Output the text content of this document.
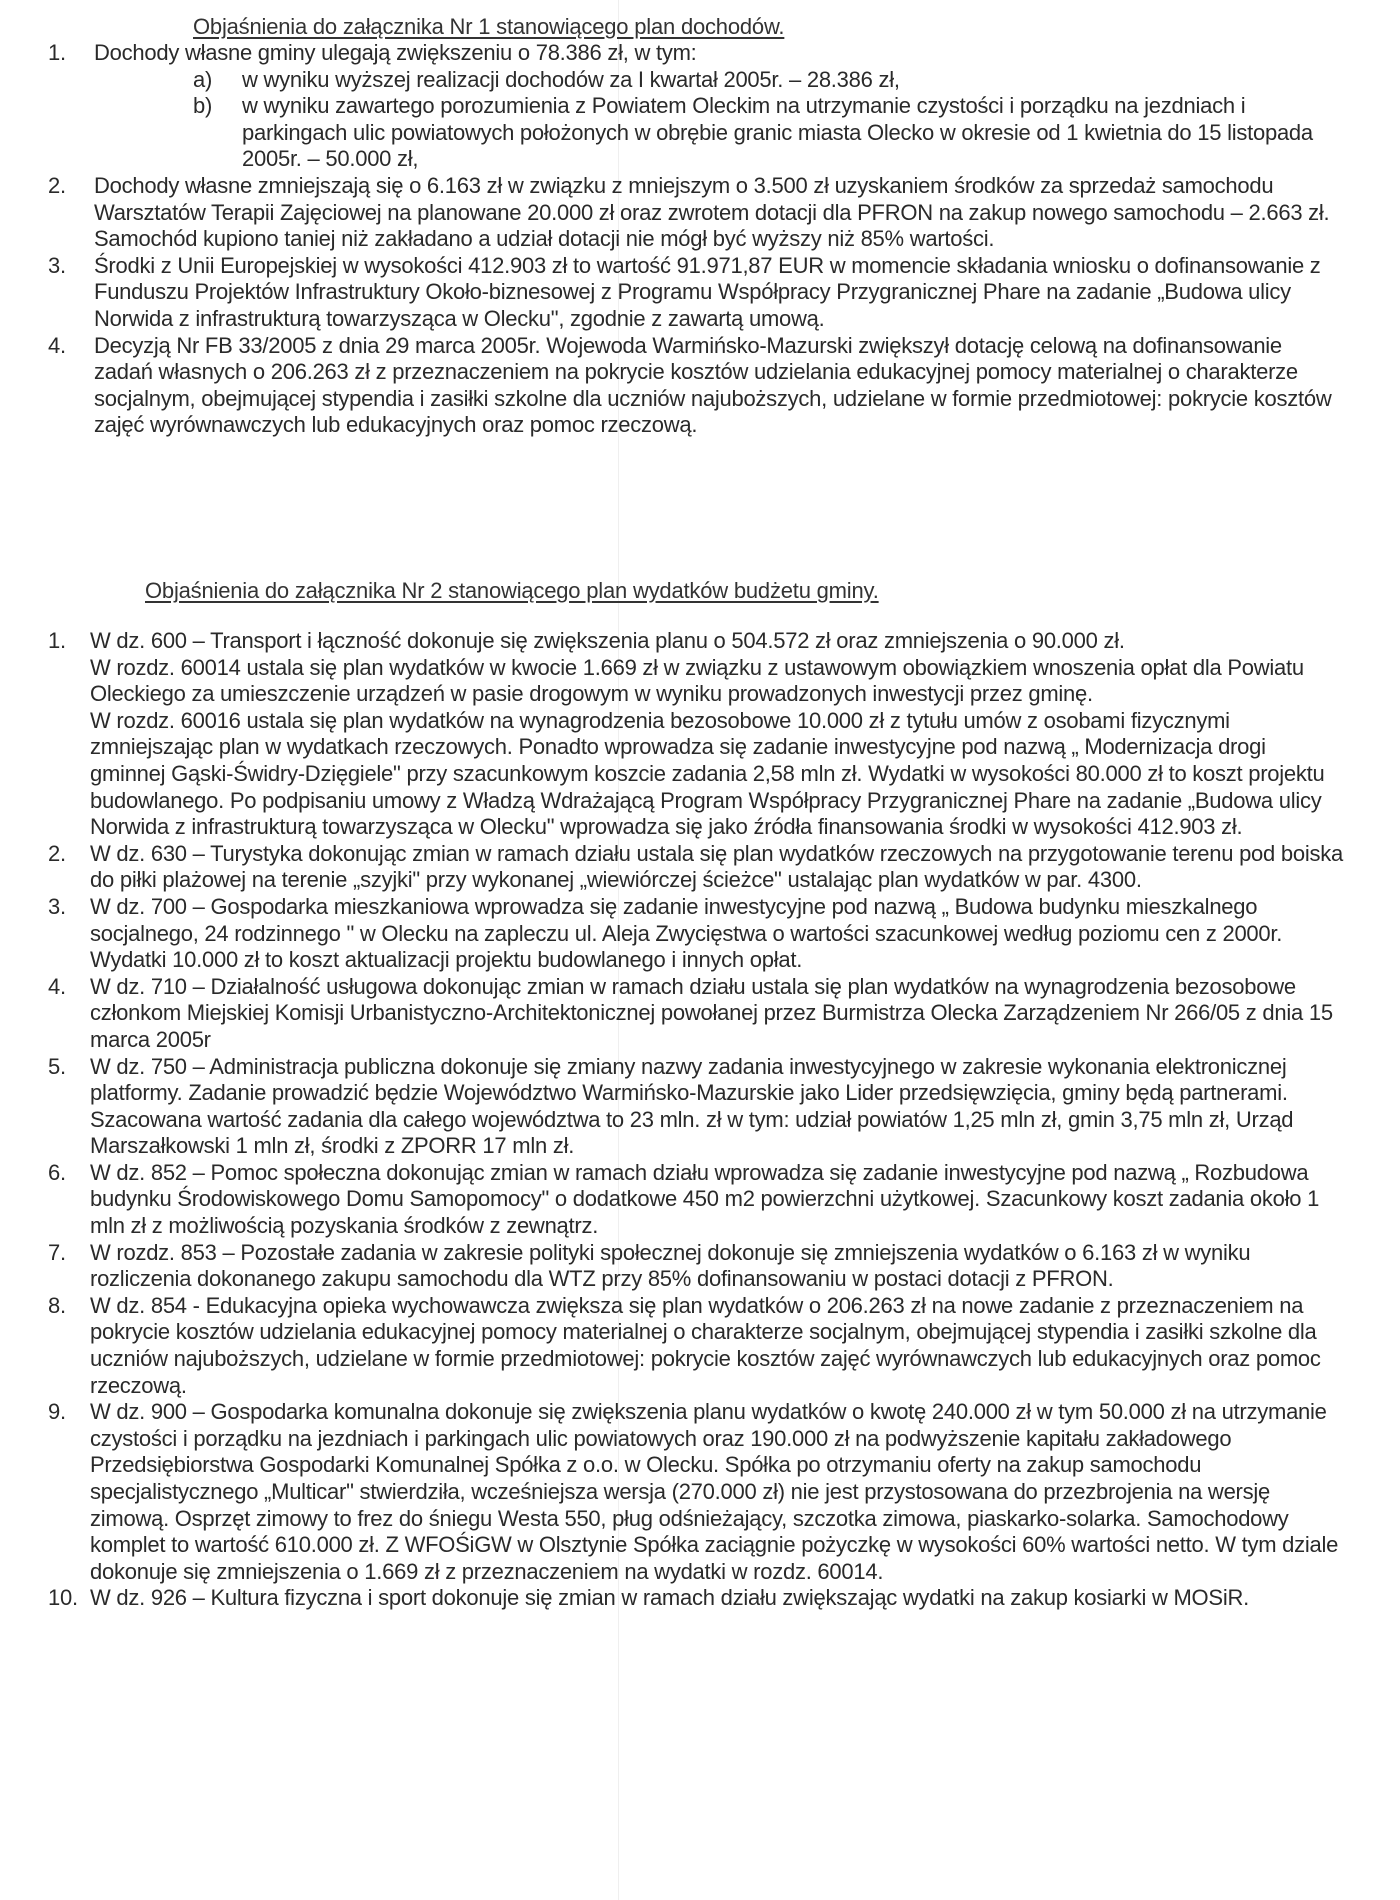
Objaśnienia do załącznika Nr 1 stanowiącego plan dochodów.
1. Dochody własne gminy ulegają zwiększeniu o 78.386 zł, w tym:
a) w wyniku wyższej realizacji dochodów za I kwartał 2005r. – 28.386 zł,
b) w wyniku zawartego porozumienia z Powiatem Oleckim na utrzymanie czystości i porządku na jezdniach i parkingach ulic powiatowych położonych w obrębie granic miasta Olecko w okresie od 1 kwietnia do 15 listopada 2005r. – 50.000 zł,
2. Dochody własne zmniejszają się o 6.163 zł w związku z mniejszym o 3.500 zł uzyskaniem środków za sprzedaż samochodu Warsztatów Terapii Zajęciowej na planowane 20.000 zł oraz zwrotem dotacji dla PFRON na zakup nowego samochodu – 2.663 zł. Samochód kupiono taniej niż zakładano a udział dotacji nie mógł być wyższy niż 85% wartości.
3. Środki z Unii Europejskiej w wysokości 412.903 zł to wartość 91.971,87 EUR w momencie składania wniosku o dofinansowanie z Funduszu Projektów Infrastruktury Około-biznesowej z Programu Współpracy Przygranicznej Phare na zadanie „Budowa ulicy Norwida z infrastrukturą towarzysząca w Olecku", zgodnie z zawartą umową.
4. Decyzją Nr FB 33/2005 z dnia 29 marca 2005r. Wojewoda Warmińsko-Mazurski zwiększył dotację celową na dofinansowanie zadań własnych o 206.263 zł z przeznaczeniem na pokrycie kosztów udzielania edukacyjnej pomocy materialnej o charakterze socjalnym, obejmującej stypendia i zasiłki szkolne dla uczniów najuboższych, udzielane w formie przedmiotowej: pokrycie kosztów zajęć wyrównawczych lub edukacyjnych oraz pomoc rzeczową.
Objaśnienia do załącznika Nr 2 stanowiącego plan wydatków budżetu gminy.
1. W dz. 600 – Transport i łączność dokonuje się zwiększenia planu o 504.572 zł oraz zmniejszenia o 90.000 zł.
W rozdz. 60014 ustala się plan wydatków w kwocie 1.669 zł w związku z ustawowym obowiązkiem wnoszenia opłat dla Powiatu Oleckiego za umieszczenie urządzeń w pasie drogowym w wyniku prowadzonych inwestycji przez gminę.
W rozdz. 60016 ustala się plan wydatków na wynagrodzenia bezosobowe 10.000 zł z tytułu umów z osobami fizycznymi zmniejszając plan w wydatkach rzeczowych. Ponadto wprowadza się zadanie inwestycyjne pod nazwą „ Modernizacja drogi gminnej Gąski-Świdry-Dzięgiele" przy szacunkowym koszcie zadania 2,58 mln zł. Wydatki w wysokości 80.000 zł to koszt projektu budowlanego. Po podpisaniu umowy z Władzą Wdrażającą Program Współpracy Przygranicznej Phare na zadanie „Budowa ulicy Norwida z infrastrukturą towarzysząca w Olecku" wprowadza się jako źródła finansowania środki w wysokości 412.903 zł.
2. W dz. 630 – Turystyka dokonując zmian w ramach działu ustala się plan wydatków rzeczowych na przygotowanie terenu pod boiska do piłki plażowej na terenie „szyjki" przy wykonanej „wiewiórczej ścieżce" ustalając plan wydatków w par. 4300.
3. W dz. 700 – Gospodarka mieszkaniowa wprowadza się zadanie inwestycyjne pod nazwą „ Budowa budynku mieszkalnego socjalnego, 24 rodzinnego " w Olecku na zapleczu ul. Aleja Zwycięstwa o wartości szacunkowej według poziomu cen z 2000r. Wydatki 10.000 zł to koszt aktualizacji projektu budowlanego i innych opłat.
4. W dz. 710 – Działalność usługowa dokonując zmian w ramach działu ustala się plan wydatków na wynagrodzenia bezosobowe członkom Miejskiej Komisji Urbanistyczno-Architektonicznej powołanej przez Burmistrza Olecka Zarządzeniem Nr 266/05 z dnia 15 marca 2005r
5. W dz. 750 – Administracja publiczna dokonuje się zmiany nazwy zadania inwestycyjnego w zakresie wykonania elektronicznej platformy. Zadanie prowadzić będzie Województwo Warmińsko-Mazurskie jako Lider przedsięwzięcia, gminy będą partnerami. Szacowana wartość zadania dla całego województwa to 23 mln. zł w tym: udział powiatów 1,25 mln zł, gmin 3,75 mln zł, Urząd Marszałkowski 1 mln zł, środki z ZPORR 17 mln zł.
6. W dz. 852 – Pomoc społeczna dokonując zmian w ramach działu wprowadza się zadanie inwestycyjne pod nazwą „ Rozbudowa budynku Środowiskowego Domu Samopomocy" o dodatkowe 450 m2 powierzchni użytkowej. Szacunkowy koszt zadania około 1 mln zł z możliwością pozyskania środków z zewnątrz.
7. W rozdz. 853 – Pozostałe zadania w zakresie polityki społecznej dokonuje się zmniejszenia wydatków o 6.163 zł w wyniku rozliczenia dokonanego zakupu samochodu dla WTZ przy 85% dofinansowaniu w postaci dotacji z PFRON.
8. W dz. 854 - Edukacyjna opieka wychowawcza zwiększa się plan wydatków o 206.263 zł na nowe zadanie z przeznaczeniem na pokrycie kosztów udzielania edukacyjnej pomocy materialnej o charakterze socjalnym, obejmującej stypendia i zasiłki szkolne dla uczniów najuboższych, udzielane w formie przedmiotowej: pokrycie kosztów zajęć wyrównawczych lub edukacyjnych oraz pomoc rzeczową.
9. W dz. 900 – Gospodarka komunalna dokonuje się zwiększenia planu wydatków o kwotę 240.000 zł w tym 50.000 zł na utrzymanie czystości i porządku na jezdniach i parkingach ulic powiatowych oraz 190.000 zł na podwyższenie kapitału zakładowego Przedsiębiorstwa Gospodarki Komunalnej Spółka z o.o. w Olecku. Spółka po otrzymaniu oferty na zakup samochodu specjalistycznego „Multicar" stwierdziła, wcześniejsza wersja (270.000 zł) nie jest przystosowana do przezbrojenia na wersję zimową. Osprzęt zimowy to frez do śniegu Westa 550, pług odśnieżający, szczotka zimowa, piaskarko-solarka. Samochodowy komplet to wartość 610.000 zł. Z WFOŚiGW w Olsztynie Spółka zaciągnie pożyczkę w wysokości 60% wartości netto. W tym dziale dokonuje się zmniejszenia o 1.669 zł z przeznaczeniem na wydatki w rozdz. 60014.
10. W dz. 926 – Kultura fizyczna i sport dokonuje się zmian w ramach działu zwiększając wydatki na zakup kosiarki w MOSiR.
